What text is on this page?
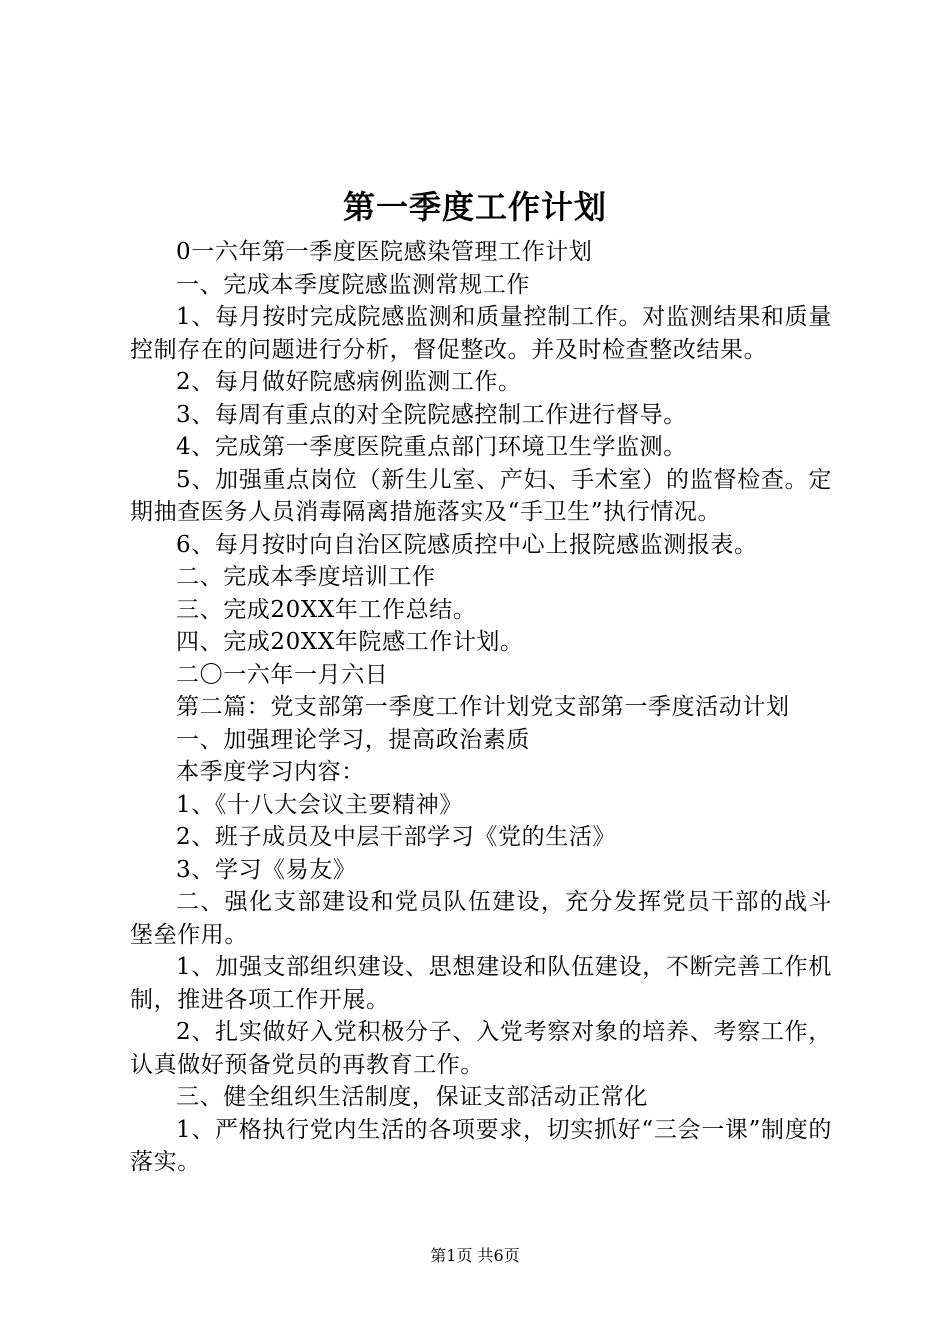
第一季度工作计划

0一六年第一季度医院感染管理工作计划

一、完成本季度院感监测常规工作

1、每月按时完成院感监测和质量控制工作。对监测结果和质量控制存在的问题进行分析，督促整改。并及时检查整改结果。

2、每月做好院感病例监测工作。

3、每周有重点的对全院院感控制工作进行督导。

4、完成第一季度医院重点部门环境卫生学监测。

5、加强重点岗位（新生儿室、产妇、手术室）的监督检查。定期抽查医务人员消毒隔离措施落实及“手卫生”执行情况。

6、每月按时向自治区院感质控中心上报院感监测报表。

二、完成本季度培训工作

三、完成20XX年工作总结。

四、完成20XX年院感工作计划。

二〇一六年一月六日

第二篇：党支部第一季度工作计划党支部第一季度活动计划

一、加强理论学习，提高政治素质

本季度学习内容：

1、《十八大会议主要精神》

2、班子成员及中层干部学习《党的生活》

3、学习《易友》

二、强化支部建设和党员队伍建设，充分发挥党员干部的战斗堡垒作用。

1、加强支部组织建设、思想建设和队伍建设，不断完善工作机制，推进各项工作开展。

2、扎实做好入党积极分子、入党考察对象的培养、考察工作，认真做好预备党员的再教育工作。

三、健全组织生活制度，保证支部活动正常化

1、严格执行党内生活的各项要求，切实抓好“三会一课”制度的落实。

第1页 共6页
